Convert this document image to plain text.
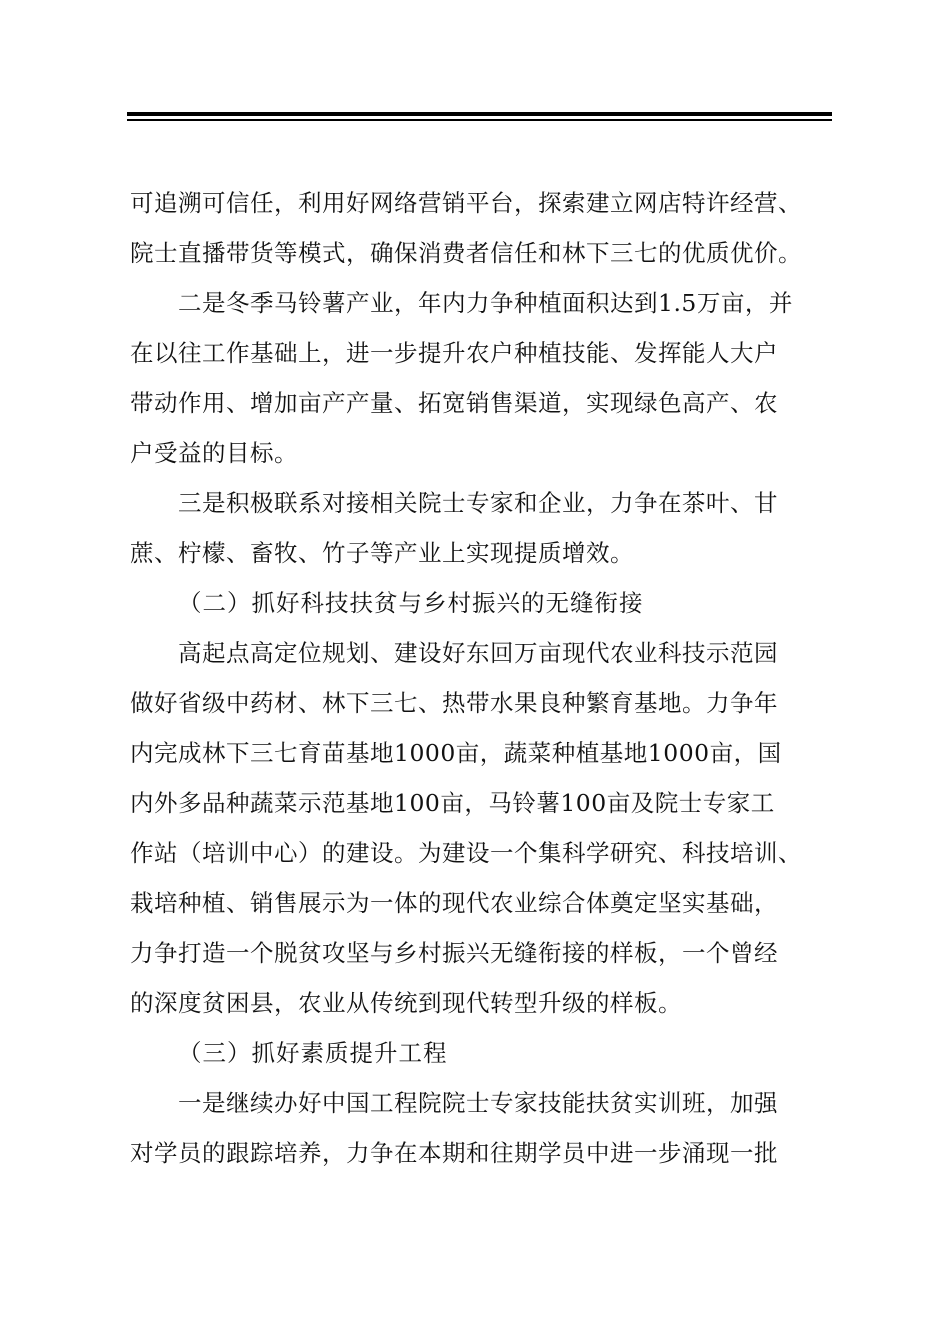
可追溯可信任，利用好网络营销平台，探索建立网店特许经营、
院士直播带货等模式，确保消费者信任和林下三七的优质优价。
二是冬季马铃薯产业，年内力争种植面积达到1.5万亩，并
在以往工作基础上，进一步提升农户种植技能、发挥能人大户
带动作用、增加亩产产量、拓宽销售渠道，实现绿色高产、农
户受益的目标。
三是积极联系对接相关院士专家和企业，力争在茶叶、甘
蔗、柠檬、畜牧、竹子等产业上实现提质增效。
（二）抓好科技扶贫与乡村振兴的无缝衔接
高起点高定位规划、建设好东回万亩现代农业科技示范园
做好省级中药材、林下三七、热带水果良种繁育基地。力争年
内完成林下三七育苗基地1000亩，蔬菜种植基地1000亩，国
内外多品种蔬菜示范基地100亩，马铃薯100亩及院士专家工
作站（培训中心）的建设。为建设一个集科学研究、科技培训、
栽培种植、销售展示为一体的现代农业综合体奠定坚实基础，
力争打造一个脱贫攻坚与乡村振兴无缝衔接的样板，一个曾经
的深度贫困县，农业从传统到现代转型升级的样板。
（三）抓好素质提升工程
一是继续办好中国工程院院士专家技能扶贫实训班，加强
对学员的跟踪培养，力争在本期和往期学员中进一步涌现一批
